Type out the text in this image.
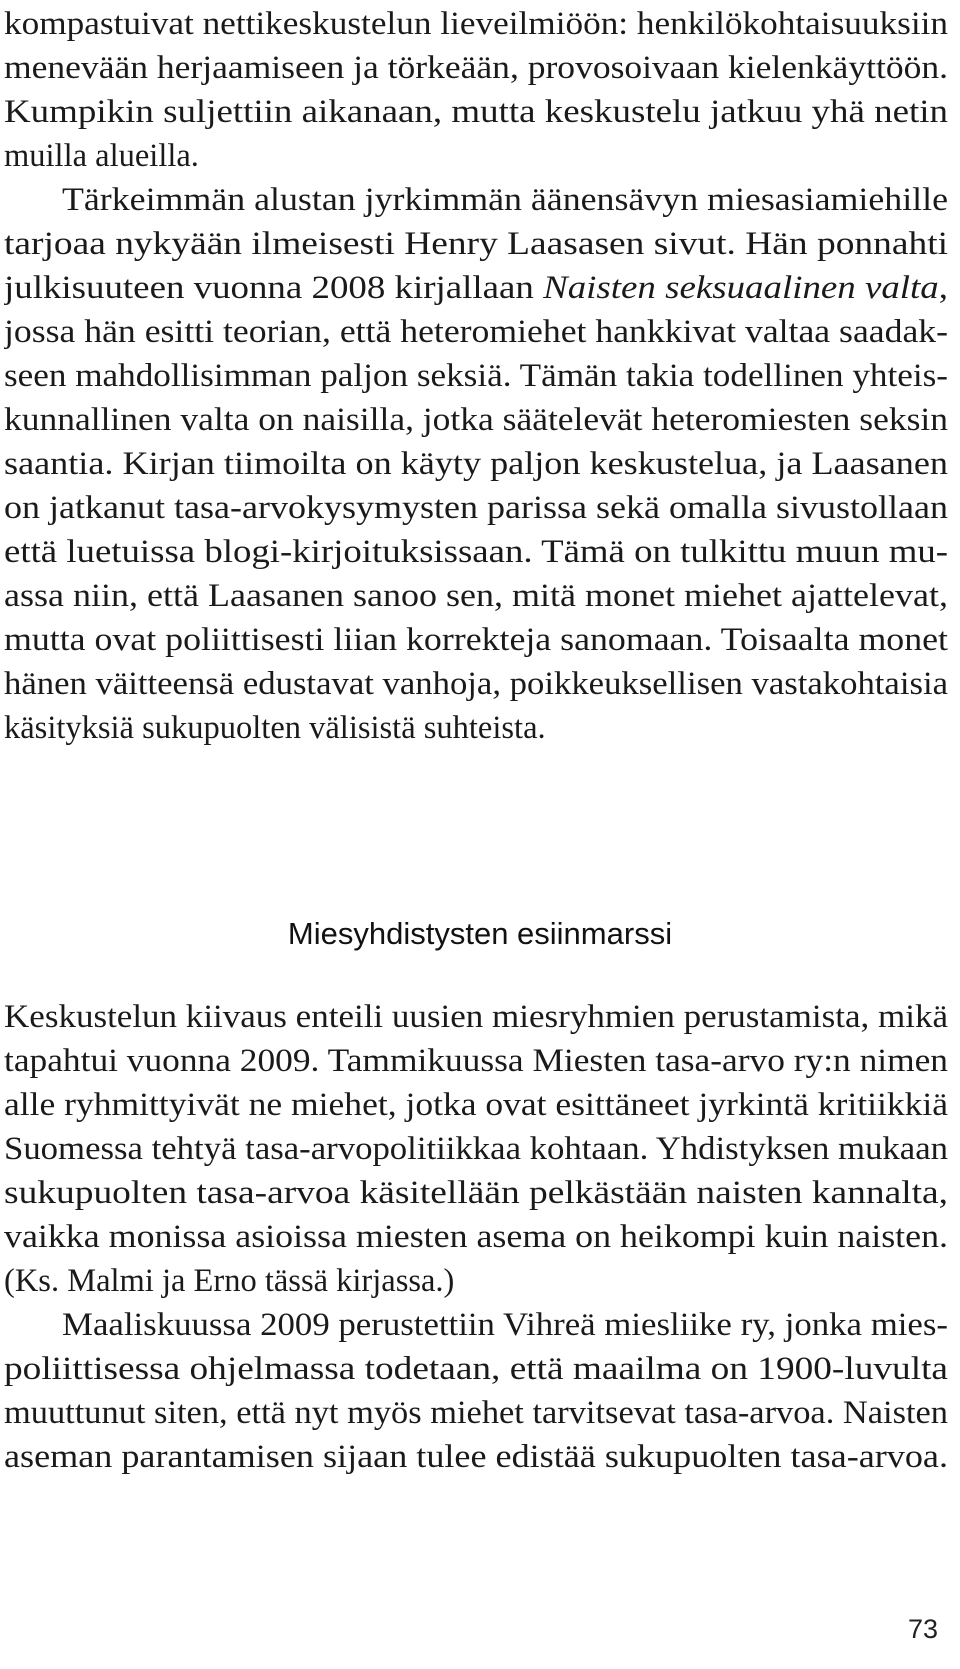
kompastuivat nettikeskustelun lieveilmiöön: henkilökohtaisuuksiin
menevään herjaamiseen ja törkeään, provosoivaan kielenkäyttöön.
Kumpikin suljettiin aikanaan, mutta keskustelu jatkuu yhä netin
muilla alueilla.
Tärkeimmän alustan jyrkimmän äänensävyn miesasiamiehille
tarjoaa nykyään ilmeisesti Henry Laasasen sivut. Hän ponnahti
julkisuuteen vuonna 2008 kirjallaan Naisten seksuaalinen valta,
jossa hän esitti teorian, että heteromiehet hankkivat valtaa saadak-
seen mahdollisimman paljon seksiä. Tämän takia todellinen yhteis-
kunnallinen valta on naisilla, jotka säätelevät heteromiesten seksin
saantia. Kirjan tiimoilta on käyty paljon keskustelua, ja Laasanen
on jatkanut tasa-arvokysymysten parissa sekä omalla sivustollaan
että luetuissa blogi-kirjoituksissaan. Tämä on tulkittu muun mu-
assa niin, että Laasanen sanoo sen, mitä monet miehet ajattelevat,
mutta ovat poliittisesti liian korrekteja sanomaan. Toisaalta monet
hänen väitteensä edustavat vanhoja, poikkeuksellisen vastakohtaisia
käsityksiä sukupuolten välisistä suhteista.
Miesyhdistysten esiinmarssi
Keskustelun kiivaus enteili uusien miesryhmien perustamista, mikä
tapahtui vuonna 2009. Tammikuussa Miesten tasa-arvo ry:n nimen
alle ryhmittyivät ne miehet, jotka ovat esittäneet jyrkintä kritiikkiä
Suomessa tehtyä tasa-arvopolitiikkaa kohtaan. Yhdistyksen mukaan
sukupuolten tasa-arvoa käsitellään pelkästään naisten kannalta,
vaikka monissa asioissa miesten asema on heikompi kuin naisten.
(Ks. Malmi ja Erno tässä kirjassa.)
Maaliskuussa 2009 perustettiin Vihreä miesliike ry, jonka mies-
poliittisessa ohjelmassa todetaan, että maailma on 1900-luvulta
muuttunut siten, että nyt myös miehet tarvitsevat tasa-arvoa. Naisten
aseman parantamisen sijaan tulee edistää sukupuolten tasa-arvoa.
73
